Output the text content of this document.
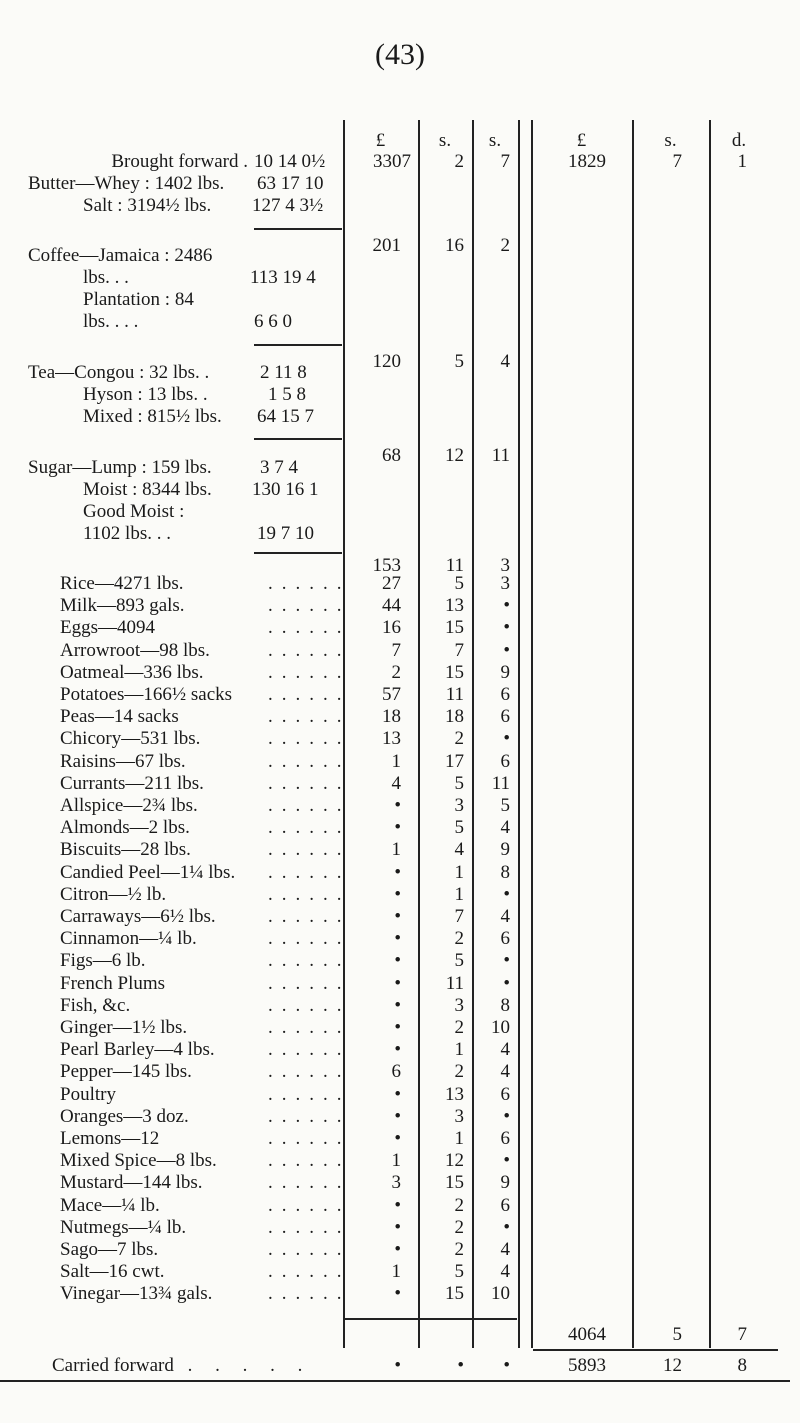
(43)
£	s.	s.	£	s.	d.
Brought forward . 10 14 0½	3307	2	7	1829	7	1
Butter—Whey : 1402 lbs. 63 17 10
Salt : 3194½ lbs. 127 4 3½
201	16	2
Coffee—Jamaica : 2486
lbs. . .	113 19 4
Plantation : 84
lbs. . . .	6 6 0
120	5	4
Tea—Congou : 32 lbs. .	2 11 8
Hyson : 13 lbs. .	1 5 8
Mixed : 815½ lbs. 64 15 7
68	12	11
Sugar—Lump : 159 lbs.	3 7 4
Moist : 8344 lbs. 130 16 1
Good Moist :
1102 lbs. . .	19 7 10
153	11	3
Rice—4271 lbs.	......	27	5	3
Milk—893 gals.	......	44	13	•
Eggs—4094	......	16	15	•
Arrowroot—98 lbs.	......	7	7	•
Oatmeal—336 lbs.	......	2	15	9
Potatoes—166½ sacks ......	57	11	6
Peas—14 sacks	......	18	18	6
Chicory—531 lbs.	......	13	2	•
Raisins—67 lbs.	......	1	17	6
Currants—211 lbs.	......	4	5	11
Allspice—2¾ lbs.	......	•	3	5
Almonds—2 lbs.	......	•	5	4
Biscuits—28 lbs.	......	1	4	9
Candied Peel—1¼ lbs. ......	•	1	8
Citron—½ lb.	......	•	1	•
Carraways—6½ lbs.	......	•	7	4
Cinnamon—¼ lb.	......	•	2	6
Figs—6 lb.	......	•	5	•
French Plums	......	•	11	•
Fish, &c.	......	•	3	8
Ginger—1½ lbs.	......	•	2	10
Pearl Barley—4 lbs.	......	•	1	4
Pepper—145 lbs.	......	6	2	4
Poultry	......	•	13	6
Oranges—3 doz.	......	•	3	•
Lemons—12	......	•	1	6
Mixed Spice—8 lbs.	......	1	12	•
Mustard—144 lbs.	......	3	15	9
Mace—¼ lb.	......	•	2	6
Nutmegs—¼ lb.	......	•	2	•
Sago—7 lbs.	......	•	2	4
Salt—16 cwt.	......	1	5	4
Vinegar—13¾ gals.	......	•	15	10
4064	5	7
Carried forward . . . . .	•	•	•	5893	12	8
